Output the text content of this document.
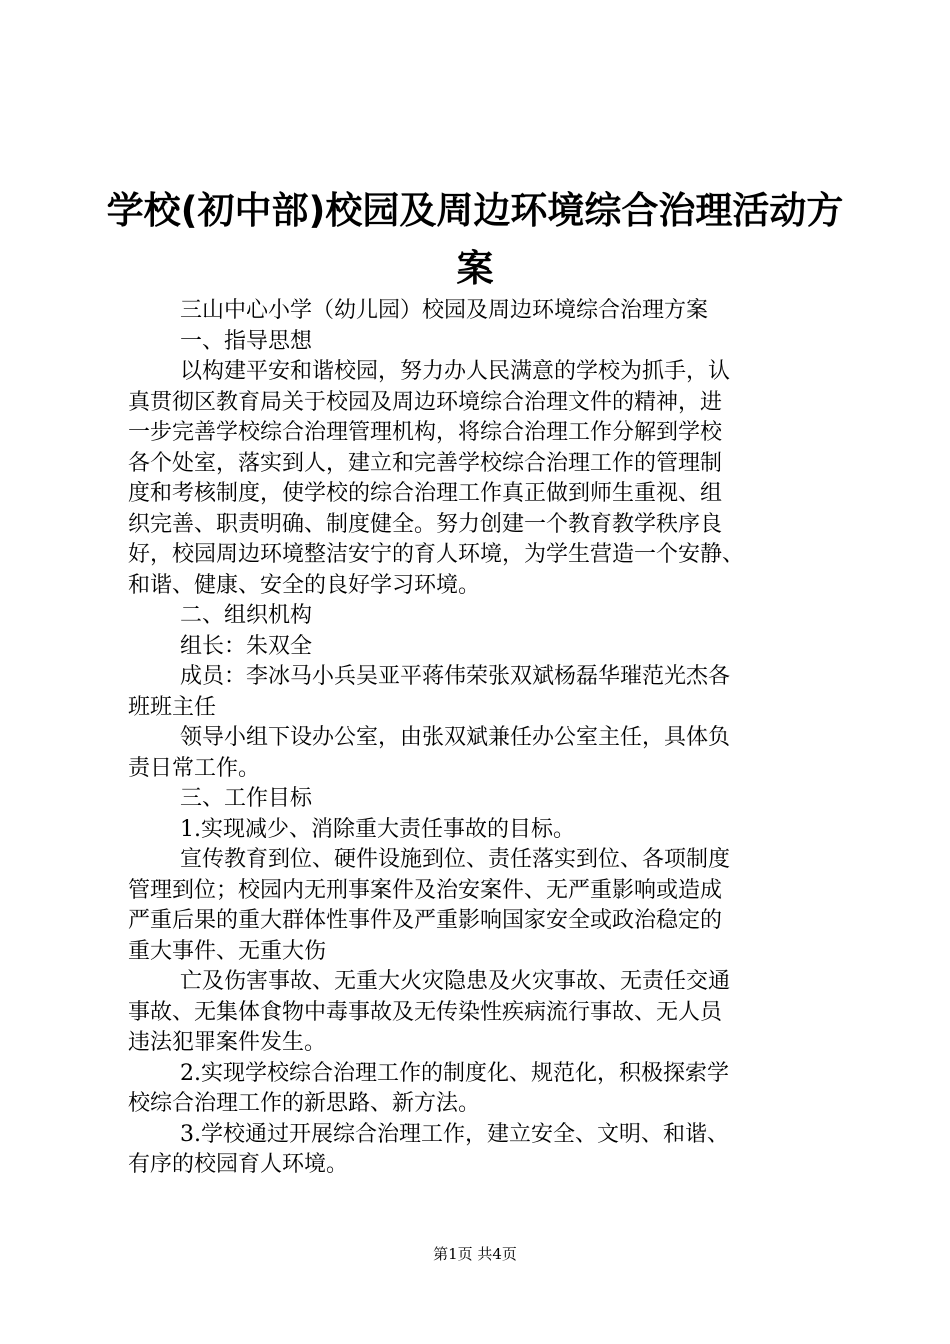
学校(初中部)校园及周边环境综合治理活动方
案

三山中心小学（幼儿园）校园及周边环境综合治理方案

一、指导思想

以构建平安和谐校园，努力办人民满意的学校为抓手，认

真贯彻区教育局关于校园及周边环境综合治理文件的精神，进

一步完善学校综合治理管理机构，将综合治理工作分解到学校

各个处室，落实到人，建立和完善学校综合治理工作的管理制

度和考核制度，使学校的综合治理工作真正做到师生重视、组

织完善、职责明确、制度健全。努力创建一个教育教学秩序良

好，校园周边环境整洁安宁的育人环境，为学生营造一个安静、

和谐、健康、安全的良好学习环境。

二、组织机构

组长：朱双全

成员：李冰马小兵吴亚平蒋伟荣张双斌杨磊华璀范光杰各

班班主任

领导小组下设办公室，由张双斌兼任办公室主任，具体负

责日常工作。

三、工作目标

1.实现减少、消除重大责任事故的目标。

宣传教育到位、硬件设施到位、责任落实到位、各项制度

管理到位；校园内无刑事案件及治安案件、无严重影响或造成

严重后果的重大群体性事件及严重影响国家安全或政治稳定的

重大事件、无重大伤

亡及伤害事故、无重大火灾隐患及火灾事故、无责任交通

事故、无集体食物中毒事故及无传染性疾病流行事故、无人员

违法犯罪案件发生。

2.实现学校综合治理工作的制度化、规范化，积极探索学

校综合治理工作的新思路、新方法。

3.学校通过开展综合治理工作，建立安全、文明、和谐、

有序的校园育人环境。

第1页 共4页
